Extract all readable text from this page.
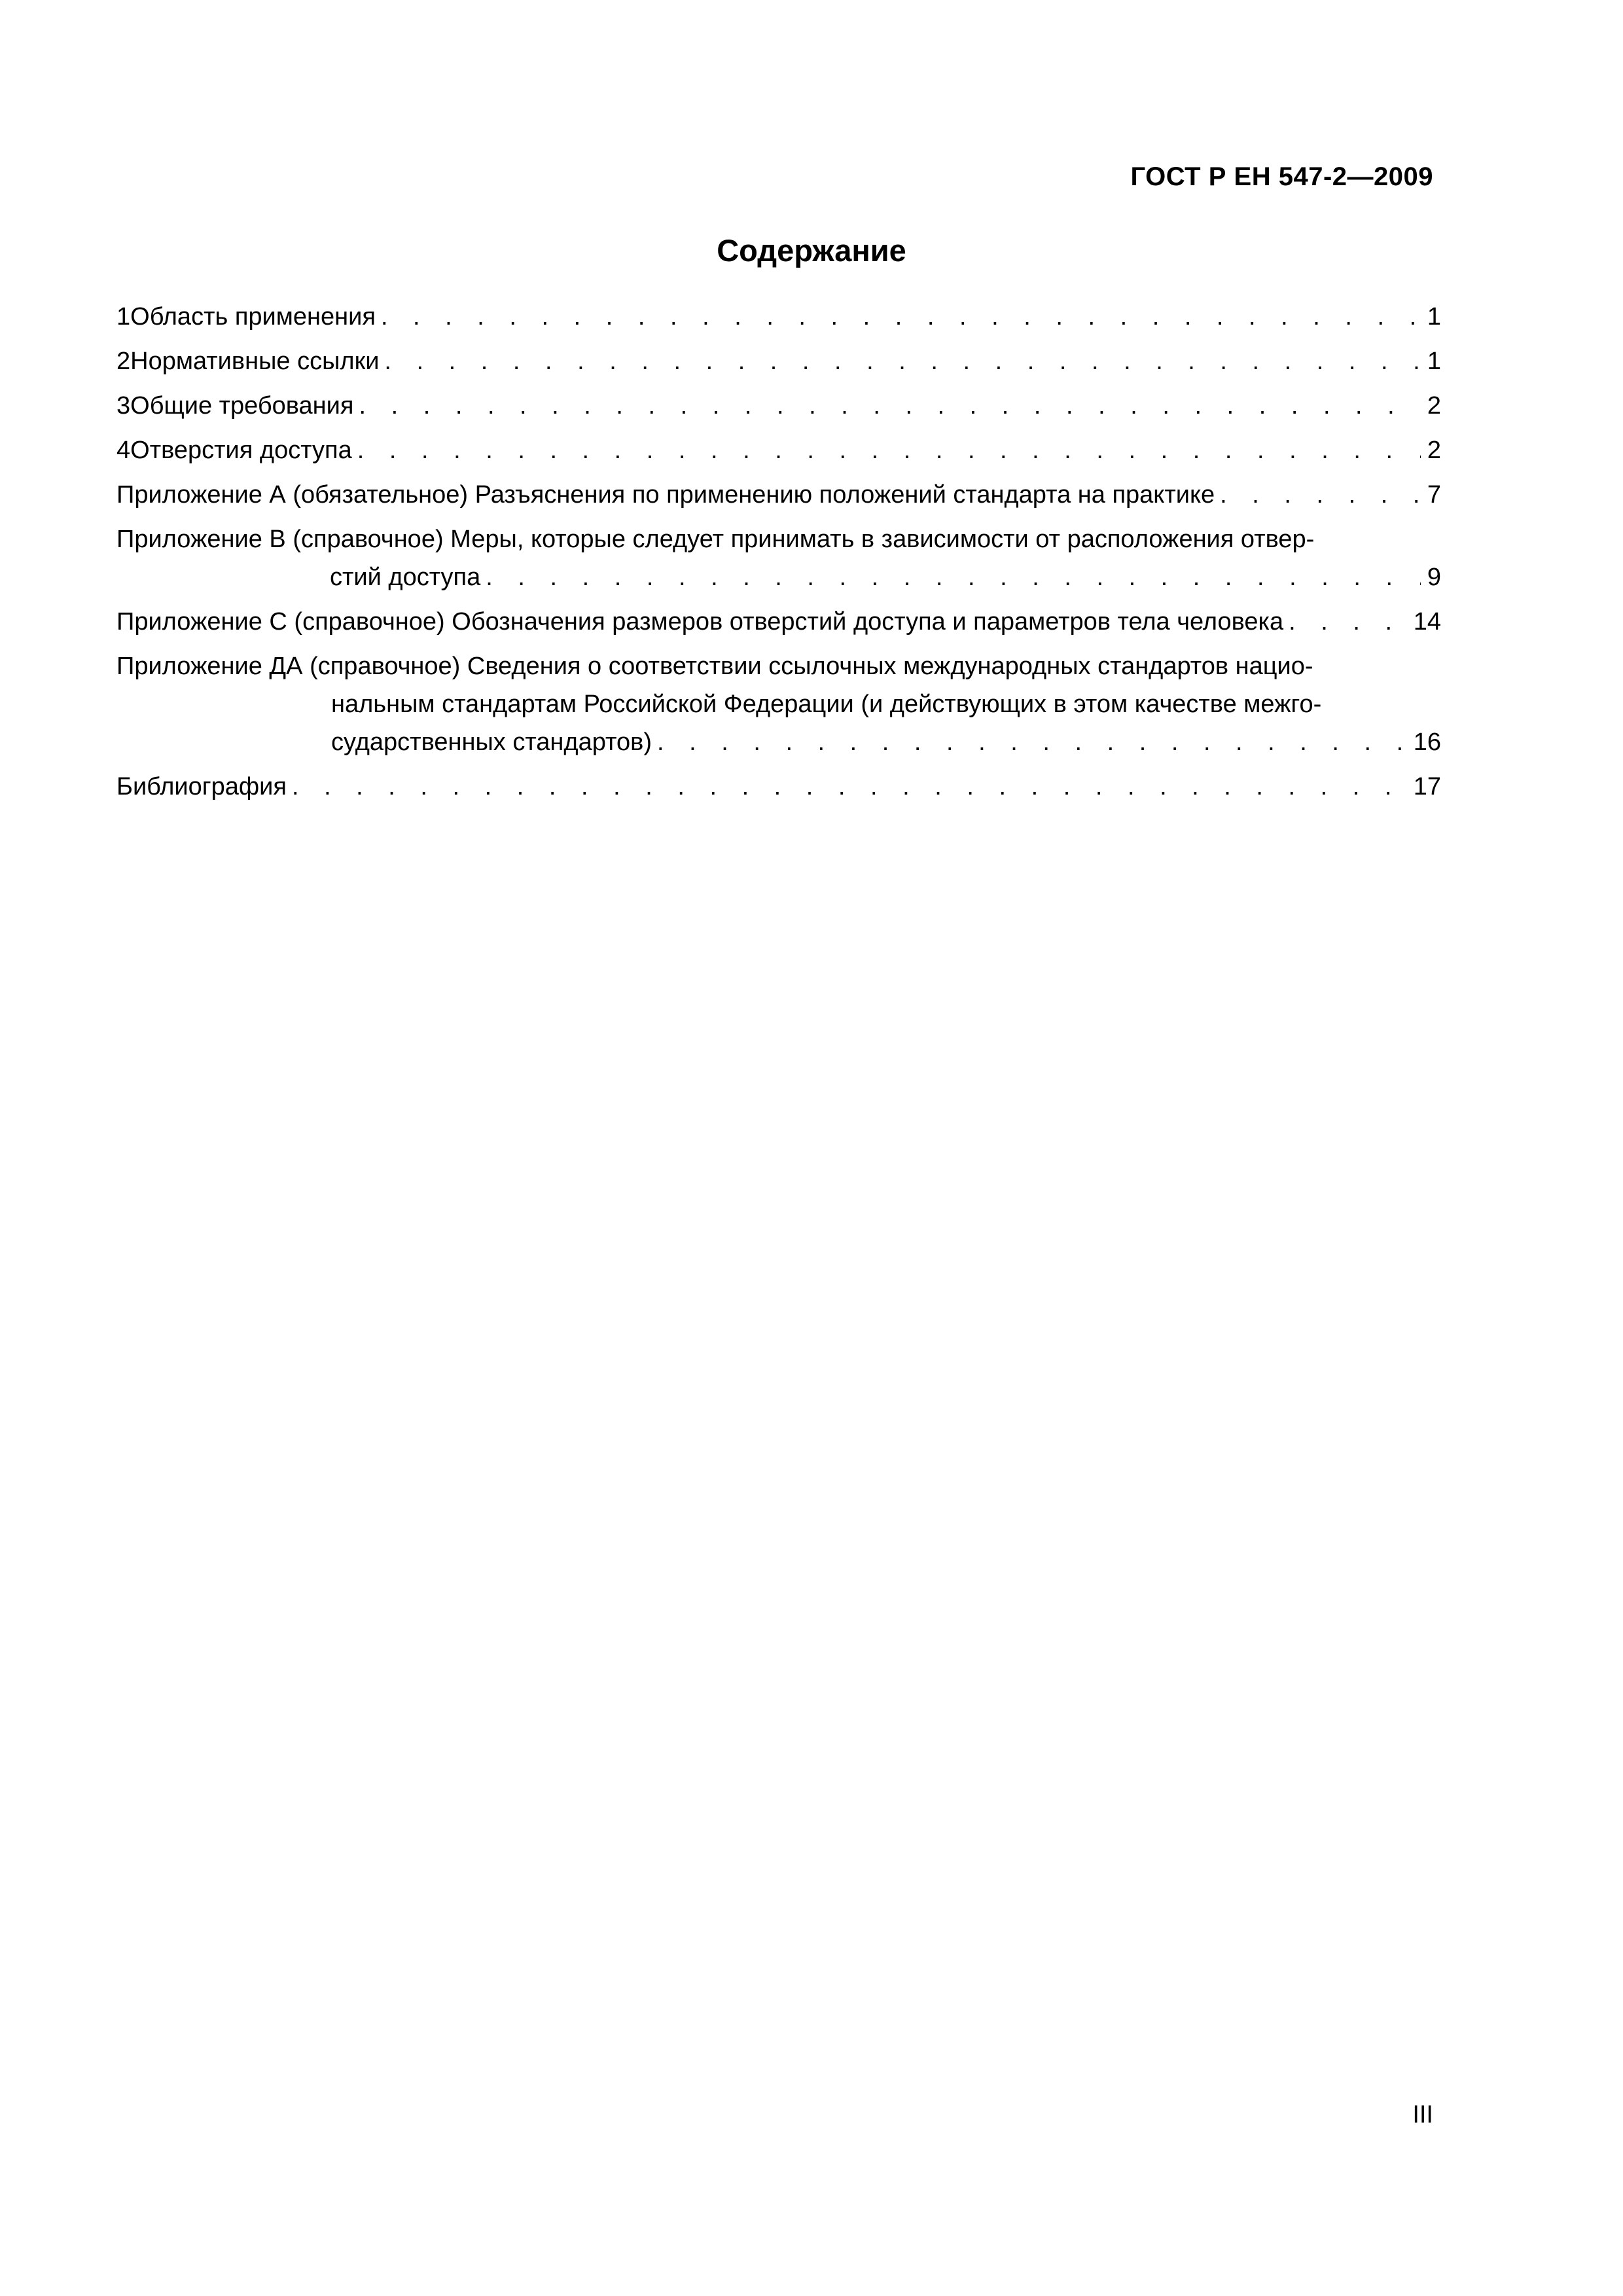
ГОСТ Р ЕН 547-2—2009
Содержание
1 Область применения . . .	1
2 Нормативные ссылки . . .	1
3 Общие требования . . .	2
4 Отверстия доступа . . .	2
Приложение А (обязательное) Разъяснения по применению положений стандарта на практике . . .	7
Приложение В (справочное) Меры, которые следует принимать в зависимости от расположения отвер-
стий доступа . . .	9
Приложение С (справочное) Обозначения размеров отверстий доступа и параметров тела человека . . .	14
Приложение ДА (справочное) Сведения о соответствии ссылочных международных стандартов нацио-
нальным стандартам Российской Федерации (и действующих в этом качестве межго-
сударственных стандартов) . . .	16
Библиография . . .	17
III
